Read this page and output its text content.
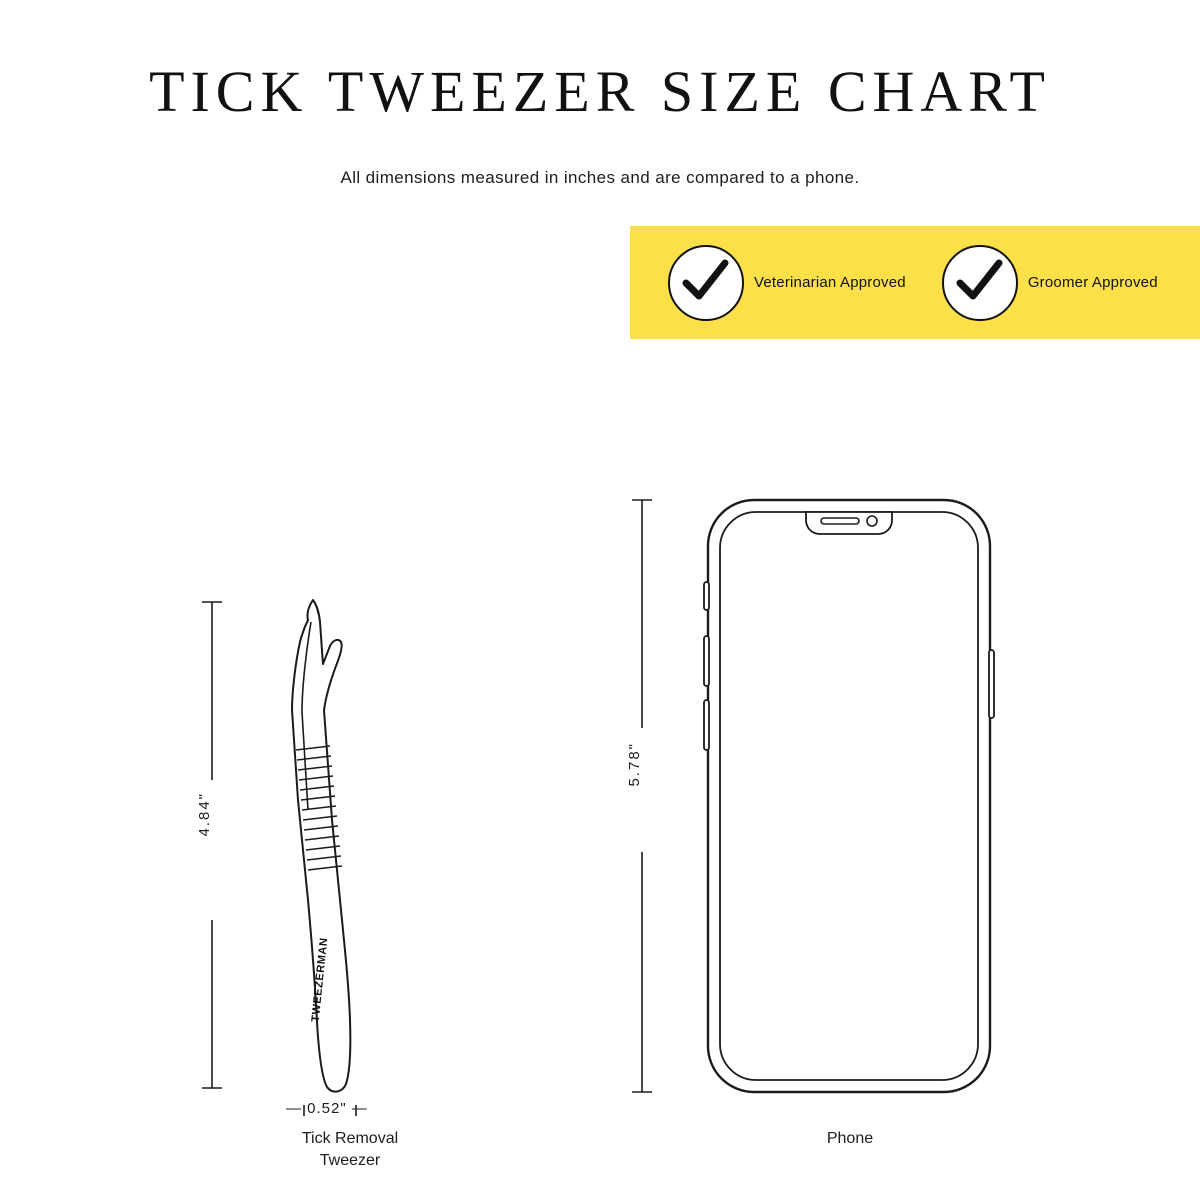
TICK TWEEZER SIZE CHART
All dimensions measured in inches and are compared to a phone.
Veterinarian Approved	Groomer Approved
TWEEZERMAN
4.84"
— 0.52" —
5.78"
Tick Removal
Tweezer
Phone
